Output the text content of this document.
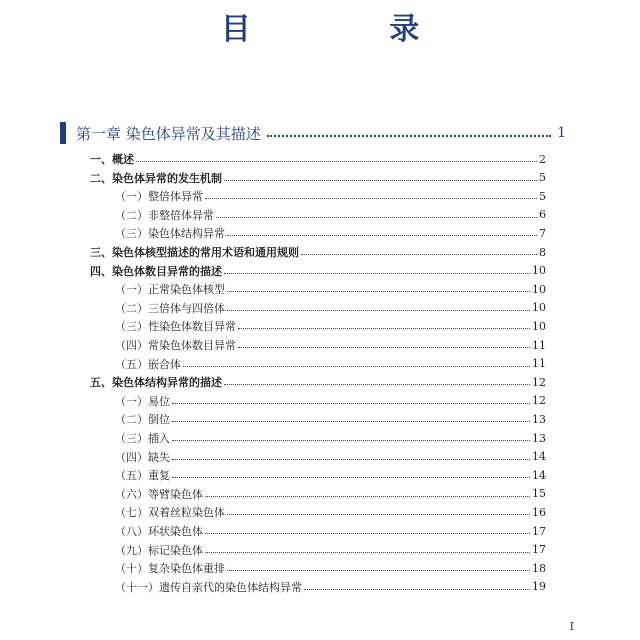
目 录
第一章 染色体异常及其描述	1
一、概述	2
二、染色体异常的发生机制	5
（一）整倍体异常	5
（二）非整倍体异常	6
（三）染色体结构异常	7
三、染色体核型描述的常用术语和通用规则	8
四、染色体数目异常的描述	10
（一）正常染色体核型	10
（二）三倍体与四倍体	10
（三）性染色体数目异常	10
（四）常染色体数目异常	11
（五）嵌合体	11
五、染色体结构异常的描述	12
（一）易位	12
（二）倒位	13
（三）插入	13
（四）缺失	14
（五）重复	14
（六）等臂染色体	15
（七）双着丝粒染色体	16
（八）环状染色体	17
（九）标记染色体	17
（十）复杂染色体重排	18
（十一）遗传自亲代的染色体结构异常	19
I
